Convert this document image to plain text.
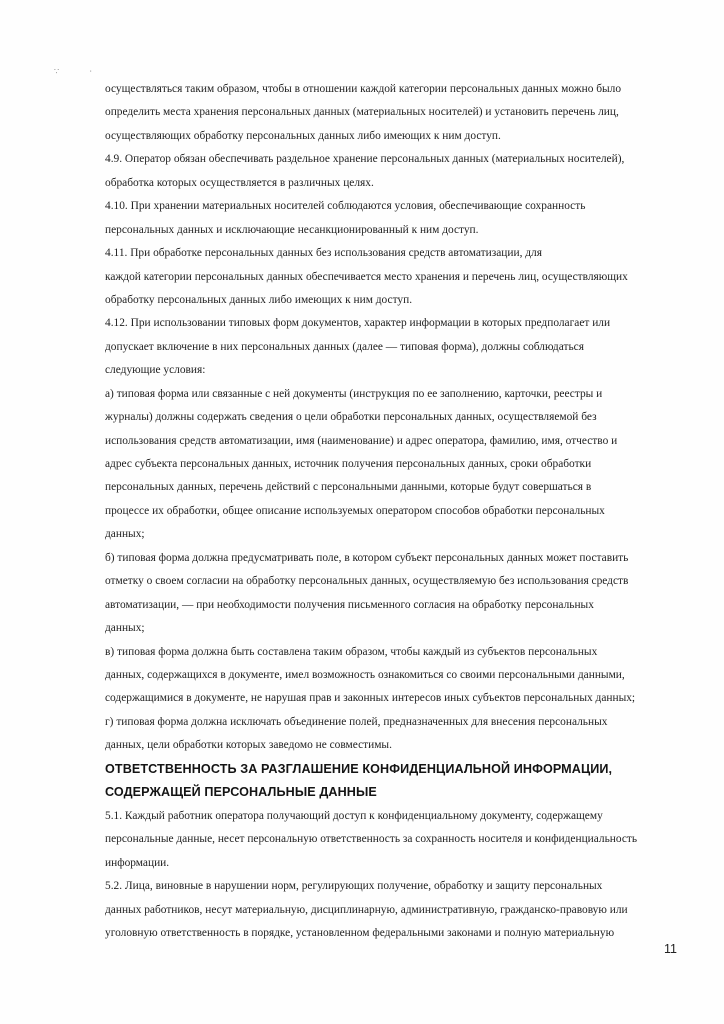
∵ ⸱
осуществляться таким образом, чтобы в отношении каждой категории персональных данных можно было
определить места хранения персональных данных (материальных носителей) и установить перечень лиц,
осуществляющих обработку персональных данных либо имеющих к ним доступ.
4.9. Оператор обязан обеспечивать раздельное хранение персональных данных (материальных носителей),
обработка которых осуществляется в различных целях.
4.10. При хранении материальных носителей соблюдаются условия, обеспечивающие сохранность
персональных данных и исключающие несанкционированный к ним доступ.
4.11. При обработке персональных данных без использования средств автоматизации, для
каждой категории персональных данных обеспечивается место хранения и перечень лиц, осуществляющих
обработку персональных данных либо имеющих к ним доступ.
4.12. При использовании типовых форм документов, характер информации в которых предполагает или
допускает включение в них персональных данных (далее — типовая форма), должны соблюдаться
следующие условия:
а) типовая форма или связанные с ней документы (инструкция по ее заполнению, карточки, реестры и
журналы) должны содержать сведения о цели обработки персональных данных, осуществляемой без
использования средств автоматизации, имя (наименование) и адрес оператора, фамилию, имя, отчество и
адрес субъекта персональных данных, источник получения персональных данных, сроки обработки
персональных данных, перечень действий с персональными данными, которые будут совершаться в
процессе их обработки, общее описание используемых оператором способов обработки персональных
данных;
б) типовая форма должна предусматривать поле, в котором субъект персональных данных может поставить
отметку о своем согласии на обработку персональных данных, осуществляемую без использования средств
автоматизации, — при необходимости получения письменного согласия на обработку персональных
данных;
в) типовая форма должна быть составлена таким образом, чтобы каждый из субъектов персональных
данных, содержащихся в документе, имел возможность ознакомиться со своими персональными данными,
содержащимися в документе, не нарушая прав и законных интересов иных субъектов персональных данных;
г) типовая форма должна исключать объединение полей, предназначенных для внесения персональных
данных, цели обработки которых заведомо не совместимы.
ОТВЕТСТВЕННОСТЬ ЗА РАЗГЛАШЕНИЕ КОНФИДЕНЦИАЛЬНОЙ ИНФОРМАЦИИ,
СОДЕРЖАЩЕЙ ПЕРСОНАЛЬНЫЕ ДАННЫЕ
5.1. Каждый работник оператора получающий доступ к конфиденциальному документу, содержащему
персональные данные, несет персональную ответственность за сохранность носителя и конфиденциальность
информации.
5.2. Лица, виновные в нарушении норм, регулирующих получение, обработку и защиту персональных
данных работников, несут материальную, дисциплинарную, административную, гражданско-правовую или
уголовную ответственность в порядке, установленном федеральными законами и полную материальную
11
